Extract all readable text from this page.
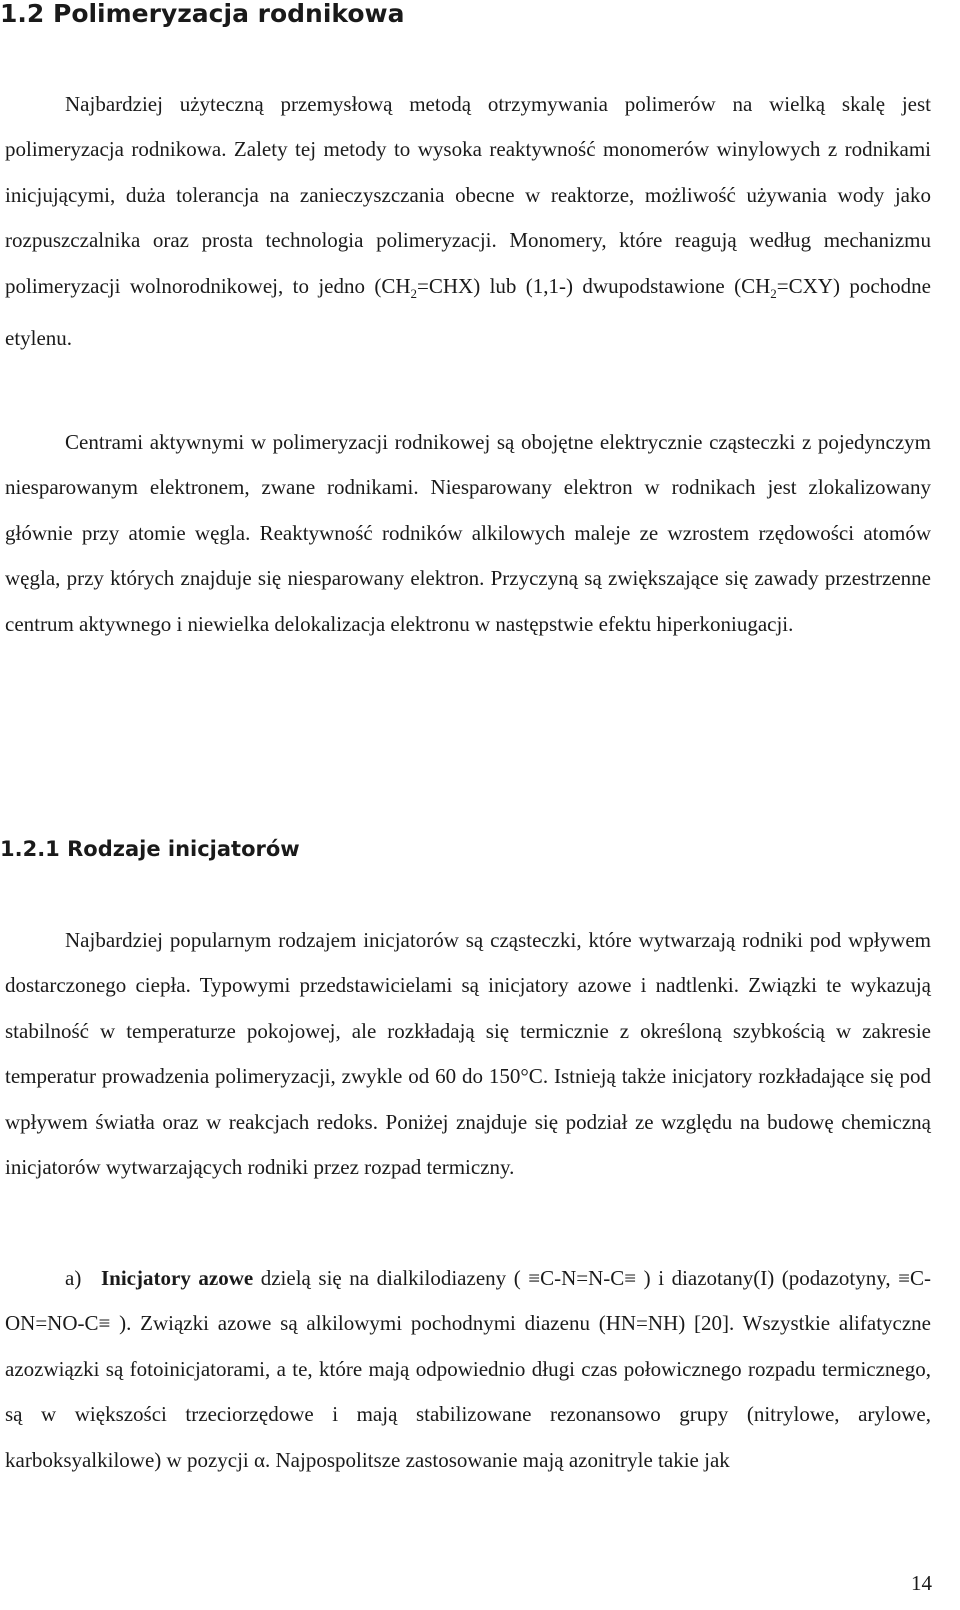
1.2 Polimeryzacja rodnikowa

Najbardziej użyteczną przemysłową metodą otrzymywania polimerów na wielką skalę jest polimeryzacja rodnikowa. Zalety tej metody to wysoka reaktywność monomerów winylowych z rodnikami inicjującymi, duża tolerancja na zanieczyszczania obecne w reaktorze, możliwość używania wody jako rozpuszczalnika oraz prosta technologia polimeryzacji. Monomery, które reagują według mechanizmu polimeryzacji wolnorodnikowej, to jedno $(CH_2=CHX)$ lub (1,1-) dwupodstawione $(CH_2=CXY)$ pochodne etylenu.

Centrami aktywnymi w polimeryzacji rodnikowej są obojętne elektrycznie cząsteczki z pojedynczym niesparowanym elektronem, zwane rodnikami. Niesparowany elektron w rodnikach jest zlokalizowany głównie przy atomie węgla. Reaktywność rodników alkilowych maleje ze wzrostem rzędowości atomów węgla, przy których znajduje się niesparowany elektron. Przyczyną są zwiększające się zawady przestrzenne centrum aktywnego i niewielka delokalizacja elektronu w następstwie efektu hiperkoniugacji.

1.2.1 Rodzaje inicjatorów

Najbardziej popularnym rodzajem inicjatorów są cząsteczki, które wytwarzają rodniki pod wpływem dostarczonego ciepła. Typowymi przedstawicielami są inicjatory azowe i nadtlenki. Związki te wykazują stabilność w temperaturze pokojowej, ale rozkładają się termicznie z określoną szybkością w zakresie temperatur prowadzenia polimeryzacji, zwykle od 60 do 150°C. Istnieją także inicjatory rozkładające się pod wpływem światła oraz w reakcjach redoks. Poniżej znajduje się podział ze względu na budowę chemiczną inicjatorów wytwarzających rodniki przez rozpad termiczny.

a) Inicjatory azowe dzielą się na dialkilodiazeny ( ≡C-N=N-C≡ ) i diazotany(I) (podazotyny, ≡C-ON=NO-C≡ ). Związki azowe są alkilowymi pochodnymi diazenu (HN=NH) [20]. Wszystkie alifatyczne azozwiązki są fotoinicjatorami, a te, które mają odpowiednio długi czas połowicznego rozpadu termicznego, są w większości trzeciorzędowe i mają stabilizowane rezonansowo grupy (nitrylowe, arylowe, karboksyalkilowe) w pozycji α. Najpospolitsze zastosowanie mają azonitryle takie jak

14
